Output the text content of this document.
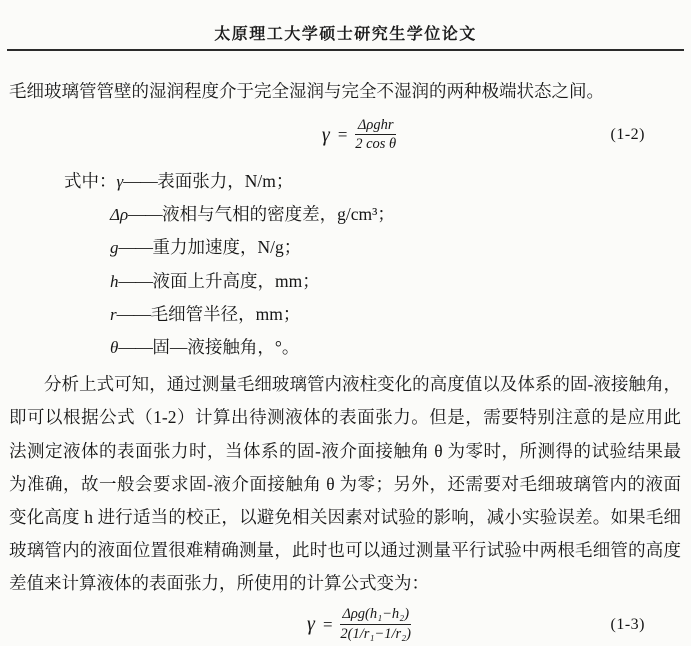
太原理工大学硕士研究生学位论文
毛细玻璃管管壁的湿润程度介于完全湿润与完全不湿润的两种极端状态之间。
$\gamma = \frac{\text{Δρghr}}{\text{2 cos θ}}$	(1-2)
式中：γ——表面张力，N/m；
Δρ——液相与气相的密度差，g/cm³；
g——重力加速度，N/g；
h——液面上升高度，mm；
r——毛细管半径，mm；
θ——固—液接触角，°。
分析上式可知，通过测量毛细玻璃管内液柱变化的高度值以及体系的固-液接触角，
即可以根据公式（1-2）计算出待测液体的表面张力。但是，需要特别注意的是应用此
法测定液体的表面张力时，当体系的固-液介面接触角 θ 为零时，所测得的试验结果最
为准确，故一般会要求固-液介面接触角 θ 为零；另外，还需要对毛细玻璃管内的液面
变化高度 h 进行适当的校正，以避免相关因素对试验的影响，减小实验误差。如果毛细
玻璃管内的液面位置很难精确测量，此时也可以通过测量平行试验中两根毛细管的高度
差值来计算液体的表面张力，所使用的计算公式变为：
$\gamma = \frac{\text{Δρg(h₁−h₂)}}{\text{2(1/r₁−1/r₂)}}$	(1-3)
